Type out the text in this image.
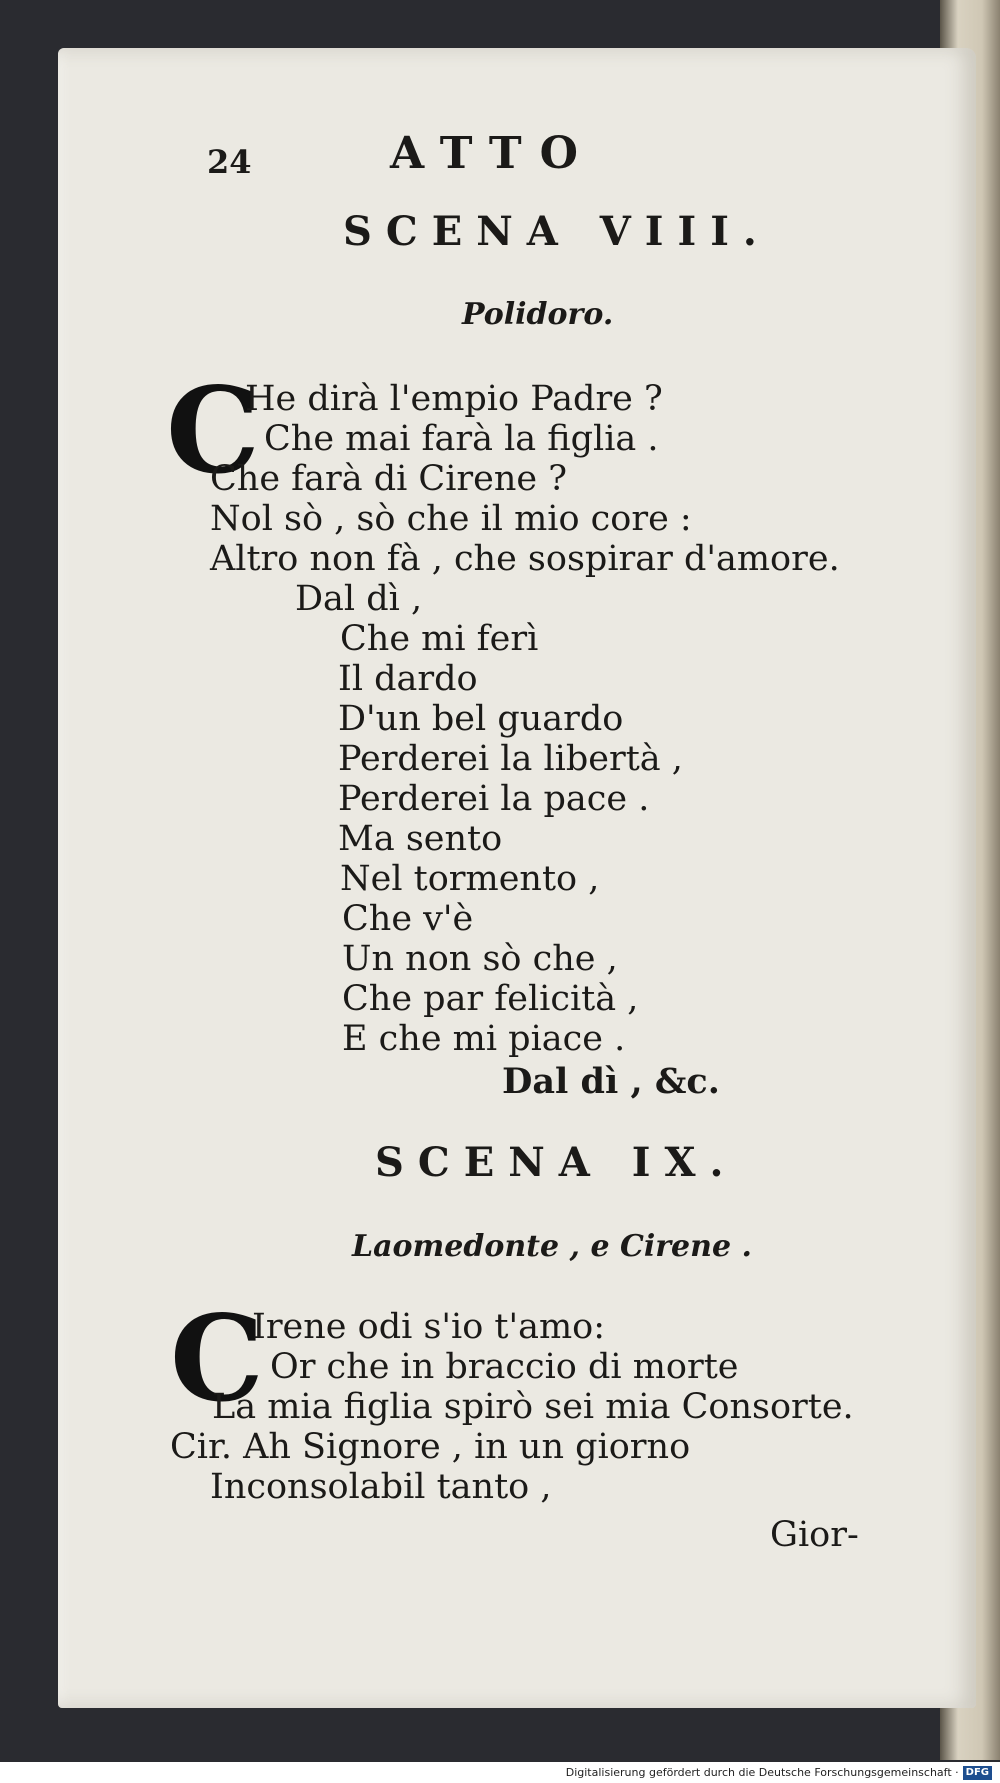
24	ATTO
SCENA VIII.
Polidoro.
C
He dirà l'empio Padre ?
Che mai farà la figlia .
Che farà di Cirene ?
Nol sò , sò che il mio core :
Altro non fà , che sospirar d'amore.
Dal dì ,
Che mi ferì
Il dardo
D'un bel guardo
Perderei la libertà ,
Perderei la pace .
Ma sento
Nel tormento ,
Che v'è
Un non sò che ,
Che par felicità ,
E che mi piace .
Dal dì , &c.
SCENA IX.
Laomedonte , e Cirene .
C
Irene odi s'io t'amo:
Or che in braccio di morte
La mia figlia spirò sei mia Consorte.
Cir. Ah Signore , in un giorno
Inconsolabil tanto ,
Gior-
Digitalisierung gefördert durch die Deutsche Forschungsgemeinschaft · DFG
